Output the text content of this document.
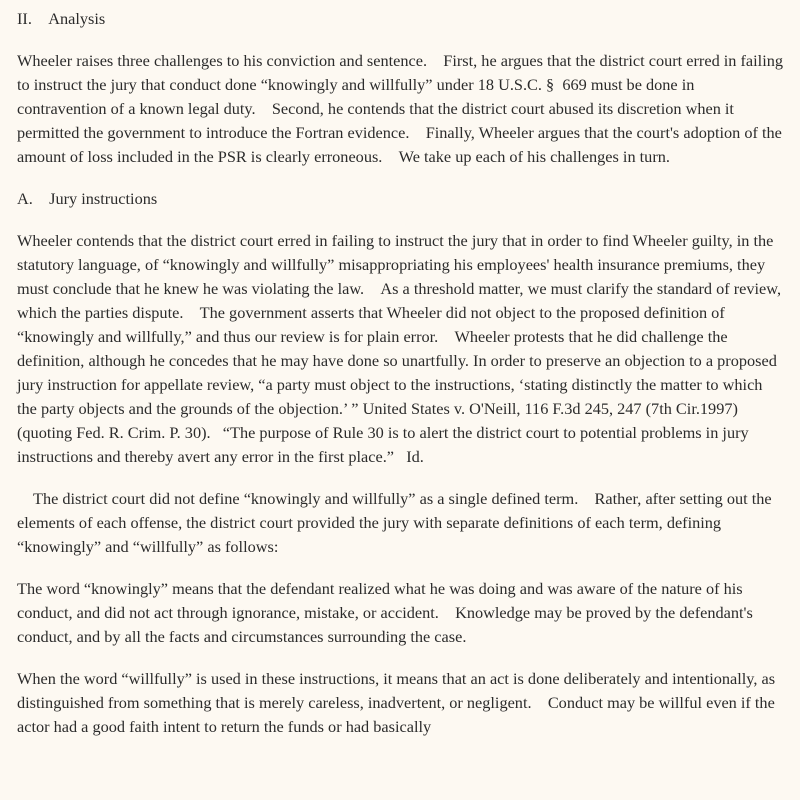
II.    Analysis

Wheeler raises three challenges to his conviction and sentence.    First, he argues that the district court erred in failing to instruct the jury that conduct done “knowingly and willfully” under 18 U.S.C. §  669 must be done in contravention of a known legal duty.    Second, he contends that the district court abused its discretion when it permitted the government to introduce the Fortran evidence.    Finally, Wheeler argues that the court's adoption of the amount of loss included in the PSR is clearly erroneous.    We take up each of his challenges in turn.

A.    Jury instructions

Wheeler contends that the district court erred in failing to instruct the jury that in order to find Wheeler guilty, in the statutory language, of “knowingly and willfully” misappropriating his employees' health insurance premiums, they must conclude that he knew he was violating the law.    As a threshold matter, we must clarify the standard of review, which the parties dispute.    The government asserts that Wheeler did not object to the proposed definition of “knowingly and willfully,” and thus our review is for plain error.    Wheeler protests that he did challenge the definition, although he concedes that he may have done so unartfully. In order to preserve an objection to a proposed jury instruction for appellate review, “a party must object to the instructions, ‘stating distinctly the matter to which the party objects and the grounds of the objection.’ ” United States v. O'Neill, 116 F.3d 245, 247 (7th Cir.1997) (quoting Fed. R. Crim. P. 30).   “The purpose of Rule 30 is to alert the district court to potential problems in jury instructions and thereby avert any error in the first place.”   Id.

The district court did not define “knowingly and willfully” as a single defined term.    Rather, after setting out the elements of each offense, the district court provided the jury with separate definitions of each term, defining “knowingly” and “willfully” as follows:

The word “knowingly” means that the defendant realized what he was doing and was aware of the nature of his conduct, and did not act through ignorance, mistake, or accident.    Knowledge may be proved by the defendant's conduct, and by all the facts and circumstances surrounding the case.

When the word “willfully” is used in these instructions, it means that an act is done deliberately and intentionally, as distinguished from something that is merely careless, inadvertent, or negligent.    Conduct may be willful even if the actor had a good faith intent to return the funds or had basically
